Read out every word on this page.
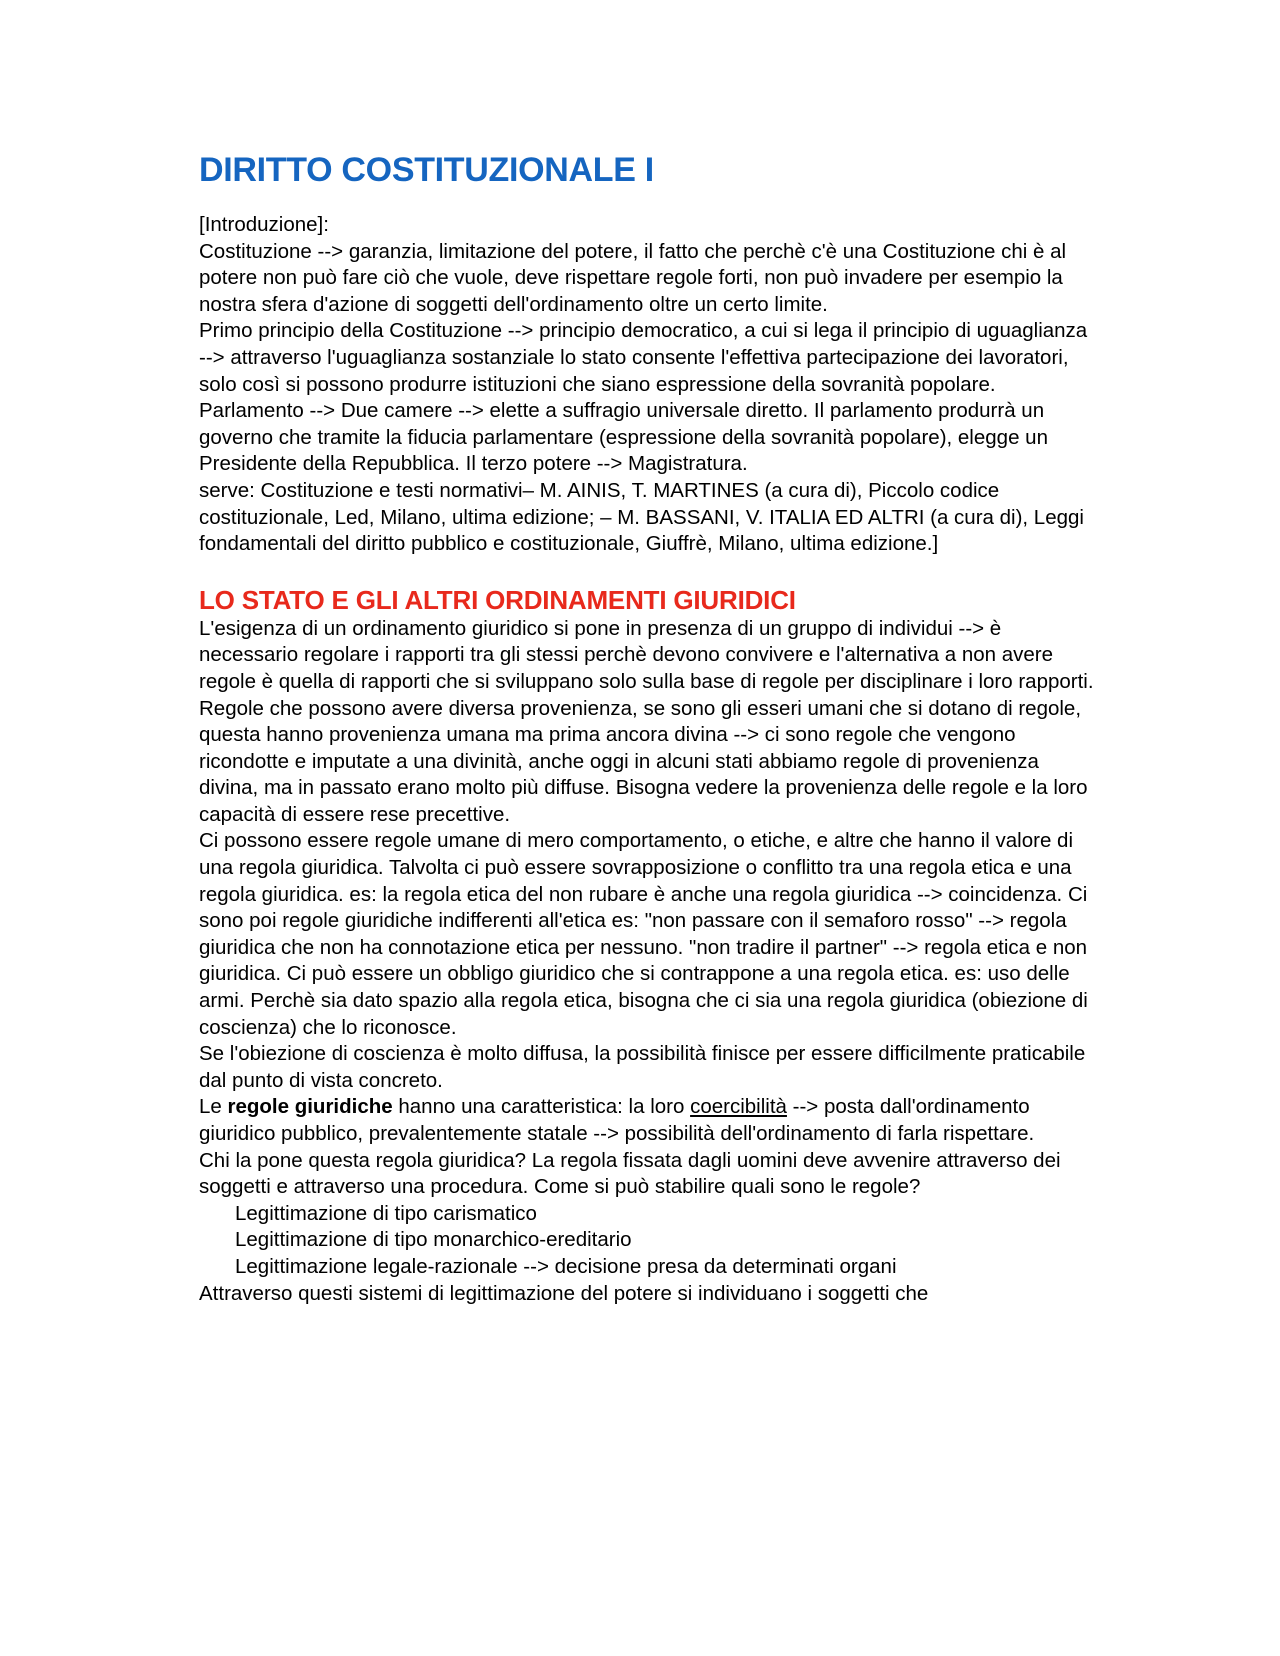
DIRITTO COSTITUZIONALE I

[Introduzione]:

Costituzione --> garanzia, limitazione del potere, il fatto che perchè c'è una Costituzione chi è al potere non può fare ciò che vuole, deve rispettare regole forti, non può invadere per esempio la nostra sfera d'azione di soggetti dell'ordinamento oltre un certo limite.

Primo principio della Costituzione --> principio democratico, a cui si lega il principio di uguaglianza --> attraverso l'uguaglianza sostanziale lo stato consente l'effettiva partecipazione dei lavoratori, solo così si possono produrre istituzioni che siano espressione della sovranità popolare. Parlamento --> Due camere --> elette a suffragio universale diretto. Il parlamento produrrà un governo che tramite la fiducia parlamentare (espressione della sovranità popolare), elegge un Presidente della Repubblica. Il terzo potere --> Magistratura.

serve: Costituzione e testi normativi– M. AINIS, T. MARTINES (a cura di), Piccolo codice costituzionale, Led, Milano, ultima edizione; – M. BASSANI, V. ITALIA ED ALTRI (a cura di), Leggi fondamentali del diritto pubblico e costituzionale, Giuffrè, Milano, ultima edizione.]

LO STATO E GLI ALTRI ORDINAMENTI GIURIDICI

L'esigenza di un ordinamento giuridico si pone in presenza di un gruppo di individui --> è necessario regolare i rapporti tra gli stessi perchè devono convivere e l'alternativa a non avere regole è quella di rapporti che si sviluppano solo sulla base di regole per disciplinare i loro rapporti. Regole che possono avere diversa provenienza, se sono gli esseri umani che si dotano di regole, questa hanno provenienza umana ma prima ancora divina --> ci sono regole che vengono ricondotte e imputate a una divinità, anche oggi in alcuni stati abbiamo regole di provenienza divina, ma in passato erano molto più diffuse. Bisogna vedere la provenienza delle regole e la loro capacità di essere rese precettive.

Ci possono essere regole umane di mero comportamento, o etiche, e altre che hanno il valore di una regola giuridica. Talvolta ci può essere sovrapposizione o conflitto tra una regola etica e una regola giuridica. es: la regola etica del non rubare è anche una regola giuridica --> coincidenza. Ci sono poi regole giuridiche indifferenti all'etica es: "non passare con il semaforo rosso" --> regola giuridica che non ha connotazione etica per nessuno. "non tradire il partner" --> regola etica e non giuridica. Ci può essere un obbligo giuridico che si contrappone a una regola etica. es: uso delle armi. Perchè sia dato spazio alla regola etica, bisogna che ci sia una regola giuridica (obiezione di coscienza) che lo riconosce.

Se l'obiezione di coscienza è molto diffusa, la possibilità finisce per essere difficilmente praticabile dal punto di vista concreto.

Le regole giuridiche hanno una caratteristica: la loro coercibilità --> posta dall'ordinamento giuridico pubblico, prevalentemente statale --> possibilità dell'ordinamento di farla rispettare.

Chi la pone questa regola giuridica? La regola fissata dagli uomini deve avvenire attraverso dei soggetti e attraverso una procedura. Come si può stabilire quali sono le regole?

Legittimazione di tipo carismatico
Legittimazione di tipo monarchico-ereditario
Legittimazione legale-razionale --> decisione presa da determinati organi

Attraverso questi sistemi di legittimazione del potere si individuano i soggetti che
